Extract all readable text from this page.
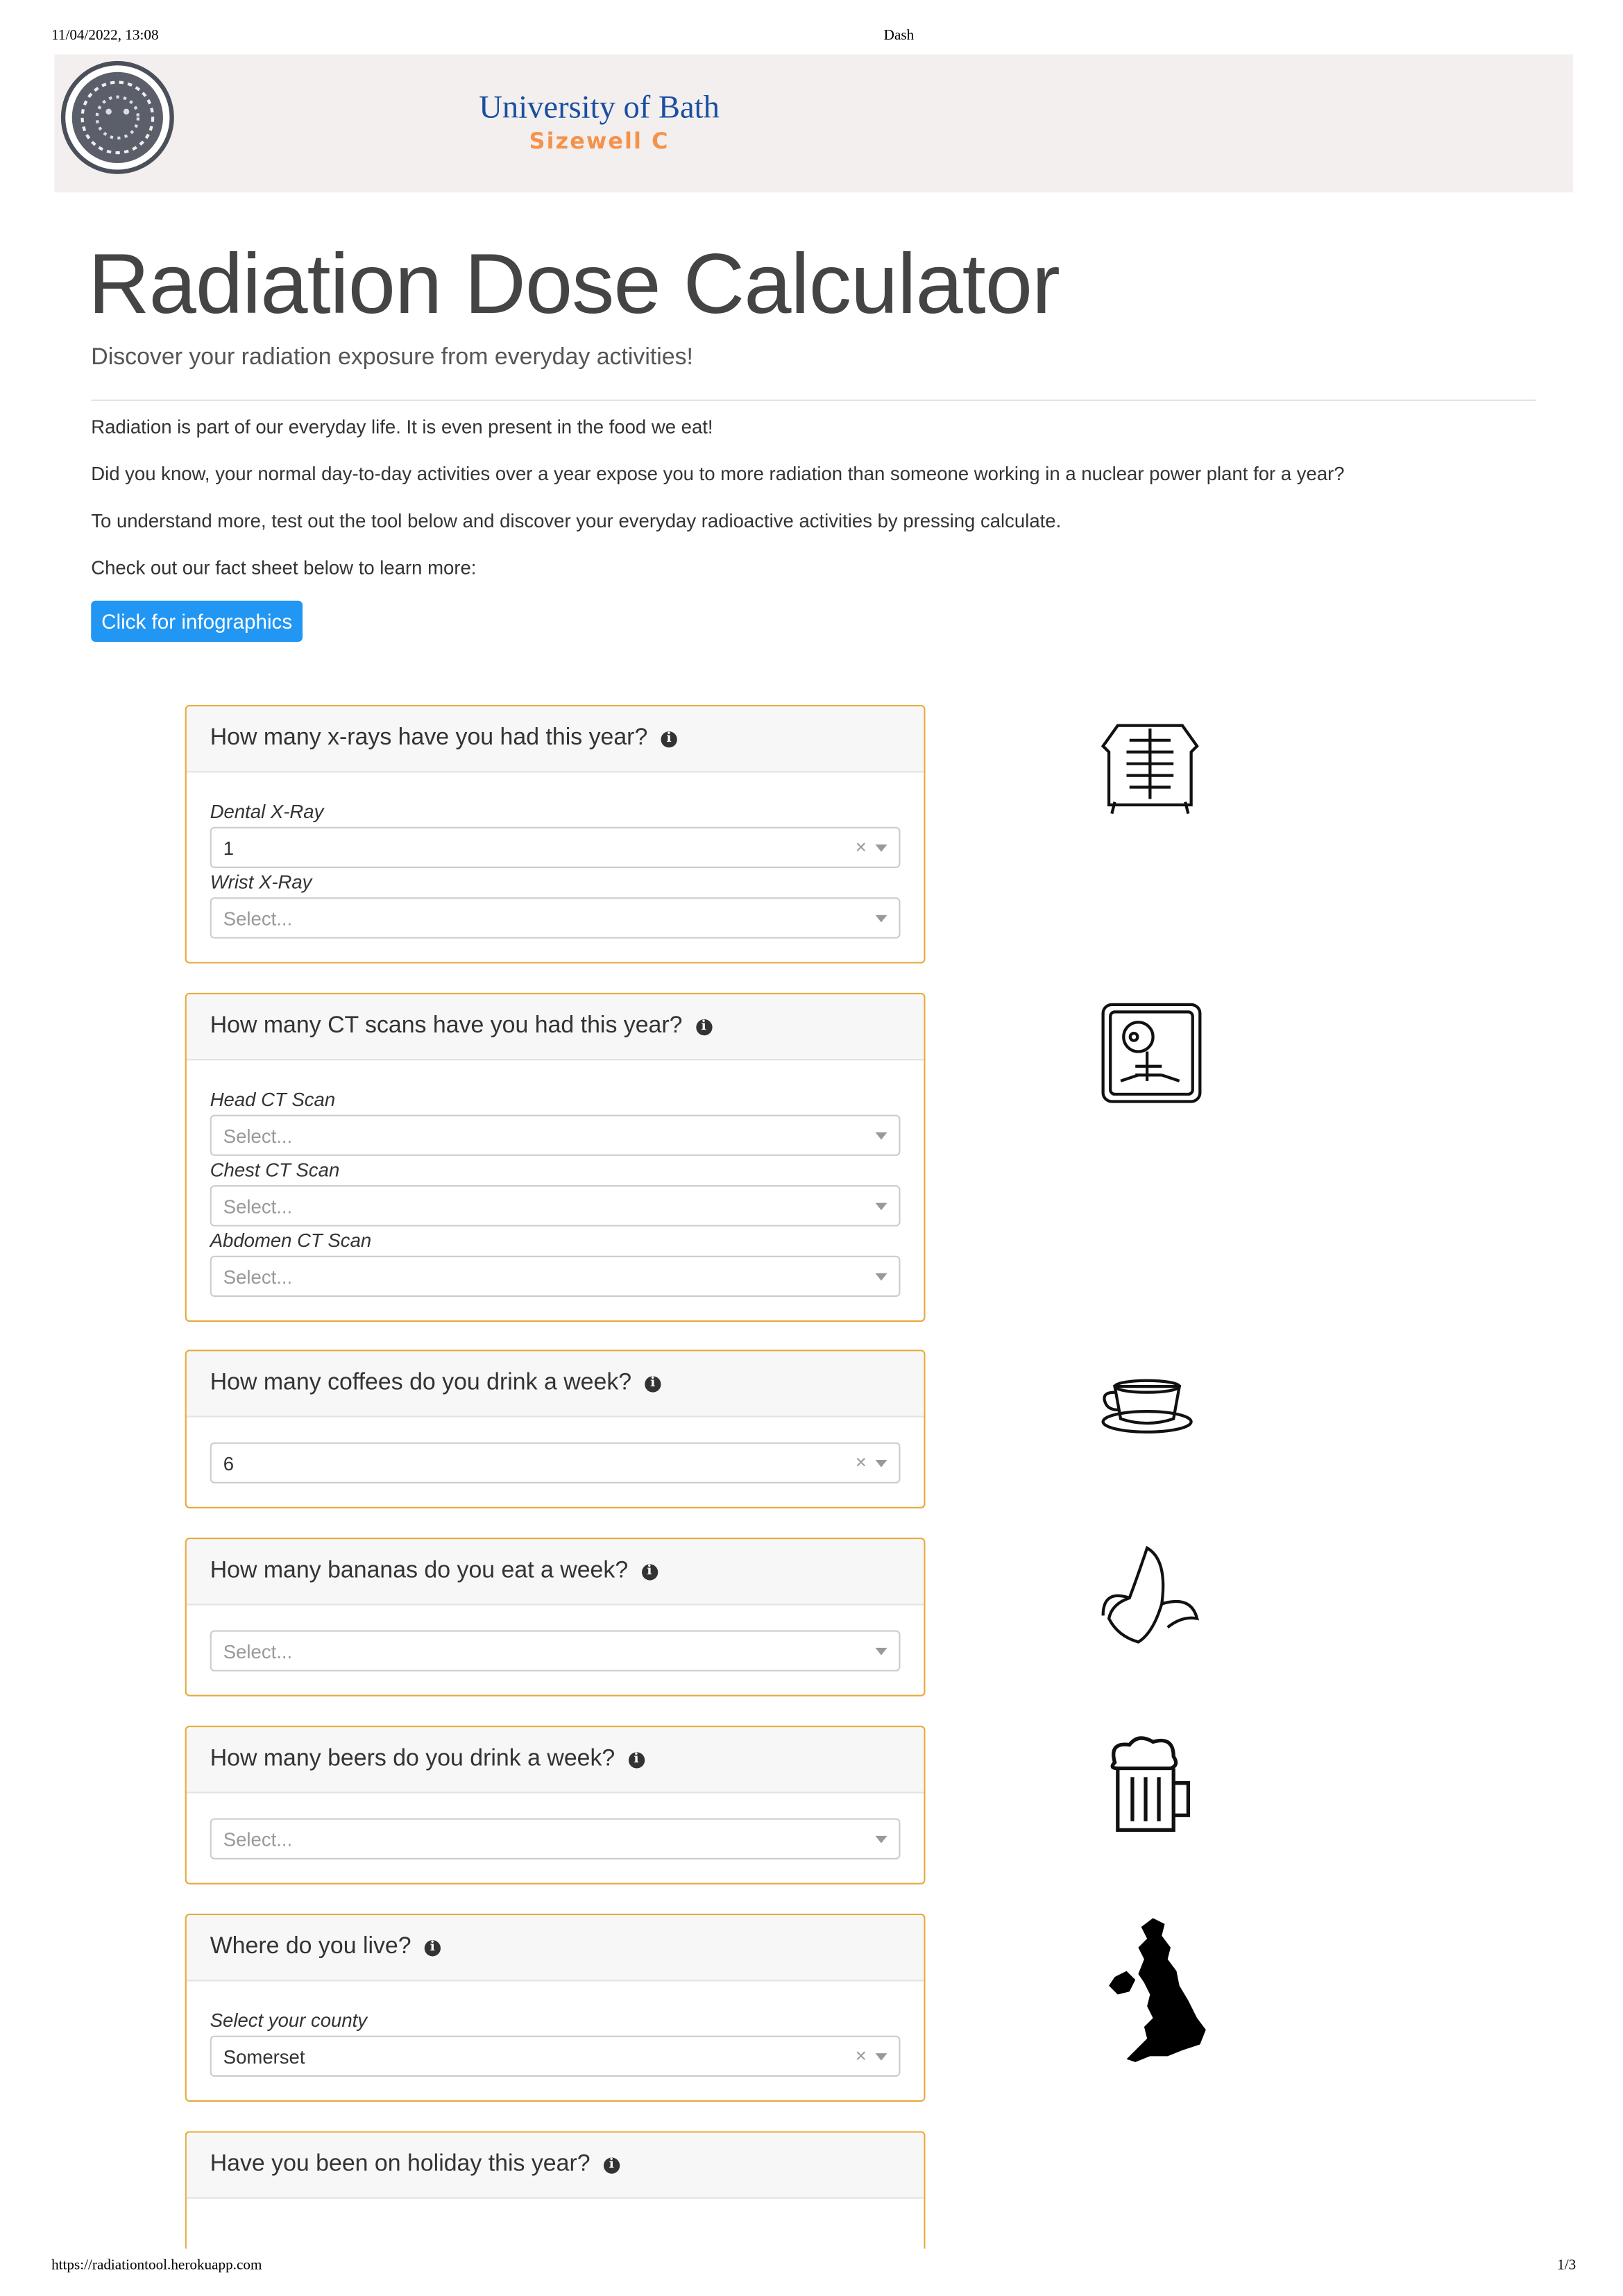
11/04/2022, 13:08	Dash
University of Bath
Sizewell C
Radiation Dose Calculator
Discover your radiation exposure from everyday activities!
Radiation is part of our everyday life. It is even present in the food we eat!
Did you know, your normal day-to-day activities over a year expose you to more radiation than someone working in a nuclear power plant for a year?
To understand more, test out the tool below and discover your everyday radioactive activities by pressing calculate.
Check out our fact sheet below to learn more:
Click for infographics
How many x-rays have you had this year?	i
Dental X-Ray
1	×
Wrist X-Ray
Select...
How many CT scans have you had this year?	i
Head CT Scan
Select...
Chest CT Scan
Select...
Abdomen CT Scan
Select...
How many coffees do you drink a week?	i
6	×
How many bananas do you eat a week?	i
Select...
How many beers do you drink a week?	i
Select...
Where do you live?	i
Select your county
Somerset	×
Have you been on holiday this year?	i
https://radiationtool.herokuapp.com	1/3
